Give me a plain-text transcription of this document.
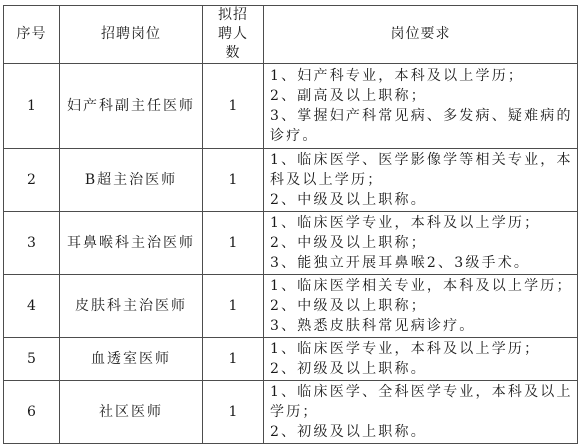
序号	招聘岗位	拟招聘人数	岗位要求
1	妇产科副主任医师	1	1、妇产科专业，本科及以上学历；
2、副高及以上职称；
3、掌握妇产科常见病、多发病、疑难病的诊疗。

2	B超主治医师	1	1、临床医学、医学影像学等相关专业，本科及以上学历；
2、中级及以上职称。

3	耳鼻喉科主治医师	1	1、临床医学专业，本科及以上学历；
2、中级及以上职称；
3、能独立开展耳鼻喉2、3级手术。

4	皮肤科主治医师	1	1、临床医学相关专业，本科及以上学历；
2、中级及以上职称；
3、熟悉皮肤科常见病诊疗。

5	血透室医师	1	1、临床医学专业，本科及以上学历；
2、初级及以上职称。

6	社区医师	1	1、临床医学、全科医学专业，本科及以上学历；
2、初级及以上职称。
